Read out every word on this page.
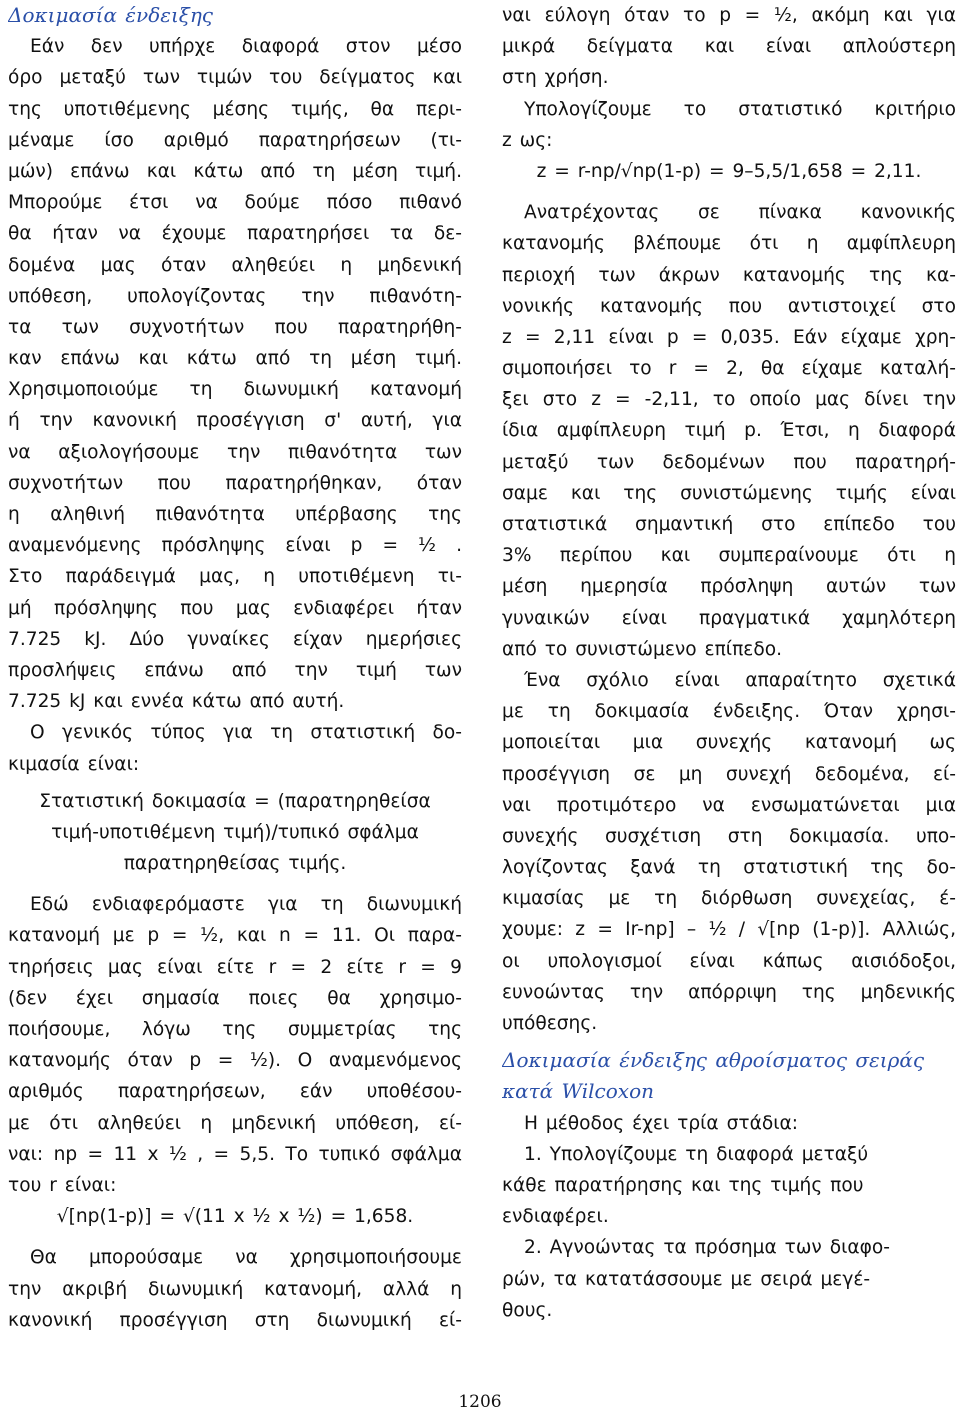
Δοκιμασία ένδειξης
Εάν δεν υπήρχε διαφορά στον μέσο
όρο μεταξύ των τιμών του δείγματος και
της υποτιθέμενης μέσης τιμής, θα περι-
μέναμε ίσο αριθμό παρατηρήσεων (τι-
μών) επάνω και κάτω από τη μέση τιμή.
Μπορούμε έτσι να δούμε πόσο πιθανό
θα ήταν να έχουμε παρατηρήσει τα δε-
δομένα μας όταν αληθεύει η μηδενική
υπόθεση, υπολογίζοντας την πιθανότη-
τα των συχνοτήτων που παρατηρήθη-
καν επάνω και κάτω από τη μέση τιμή.
Χρησιμοποιούμε τη διωνυμική κατανομή
ή την κανονική προσέγγιση σ' αυτή, για
να αξιολογήσουμε την πιθανότητα των
συχνοτήτων που παρατηρήθηκαν, όταν
η αληθινή πιθανότητα υπέρβασης της
αναμενόμενης πρόσληψης είναι p = ½ .
Στο παράδειγμά μας, η υποτιθέμενη τι-
μή πρόσληψης που μας ενδιαφέρει ήταν
7.725 kJ. Δύο γυναίκες είχαν ημερήσιες
προσλήψεις επάνω από την τιμή των
7.725 kJ και εννέα κάτω από αυτή.
Ο γενικός τύπος για τη στατιστική δο-
κιμασία είναι:
Στατιστική δοκιμασία = (παρατηρηθείσα
τιμή-υποτιθέμενη τιμή)/τυπικό σφάλμα
παρατηρηθείσας τιμής.
Εδώ ενδιαφερόμαστε για τη διωνυμική
κατανομή με p = ½, και n = 11. Οι παρα-
τηρήσεις μας είναι είτε r = 2 είτε r = 9
(δεν έχει σημασία ποιες θα χρησιμο-
ποιήσουμε, λόγω της συμμετρίας της
κατανομής όταν p = ½). Ο αναμενόμενος
αριθμός παρατηρήσεων, εάν υποθέσου-
με ότι αληθεύει η μηδενική υπόθεση, εί-
ναι: np = 11 x ½ , = 5,5. Το τυπικό σφάλμα
του r είναι:
√[np(1-p)] = √(11 x ½ x ½) = 1,658.
Θα μπορούσαμε να χρησιμοποιήσουμε
την ακριβή διωνυμική κατανομή, αλλά η
κανονική προσέγγιση στη διωνυμική εί-
ναι εύλογη όταν το p = ½, ακόμη και για
μικρά δείγματα και είναι απλούστερη
στη χρήση.
Υπολογίζουμε το στατιστικό κριτήριο
z ως:
z = r-np/√np(1-p) = 9–5,5/1,658 = 2,11.
Ανατρέχοντας σε πίνακα κανονικής
κατανομής βλέπουμε ότι η αμφίπλευρη
περιοχή των άκρων κατανομής της κα-
νονικής κατανομής που αντιστοιχεί στο
z = 2,11 είναι p = 0,035. Εάν είχαμε χρη-
σιμοποιήσει το r = 2, θα είχαμε καταλή-
ξει στο z = -2,11, το οποίο μας δίνει την
ίδια αμφίπλευρη τιμή p. Έτσι, η διαφορά
μεταξύ των δεδομένων που παρατηρή-
σαμε και της συνιστώμενης τιμής είναι
στατιστικά σημαντική στο επίπεδο του
3% περίπου και συμπεραίνουμε ότι η
μέση ημερησία πρόσληψη αυτών των
γυναικών είναι πραγματικά χαμηλότερη
από το συνιστώμενο επίπεδο.
Ένα σχόλιο είναι απαραίτητο σχετικά
με τη δοκιμασία ένδειξης. Όταν χρησι-
μοποιείται μια συνεχής κατανομή ως
προσέγγιση σε μη συνεχή δεδομένα, εί-
ναι προτιμότερο να ενσωματώνεται μια
συνεχής συσχέτιση στη δοκιμασία. υπο-
λογίζοντας ξανά τη στατιστική της δο-
κιμασίας με τη διόρθωση συνεχείας, έ-
χουμε: z = Ir-np] – ½ / √[np (1-p)]. Αλλιώς,
οι υπολογισμοί είναι κάπως αισιόδοξοι,
ευνοώντας την απόρριψη της μηδενικής
υπόθεσης.
Δοκιμασία ένδειξης αθροίσματος σειράς
κατά Wilcoxon
Η μέθοδος έχει τρία στάδια:
1. Υπολογίζουμε τη διαφορά μεταξύ
κάθε παρατήρησης και της τιμής που
ενδιαφέρει.
2. Αγνοώντας τα πρόσημα των διαφο-
ρών, τα κατατάσσουμε με σειρά μεγέ-
θους.
1206
